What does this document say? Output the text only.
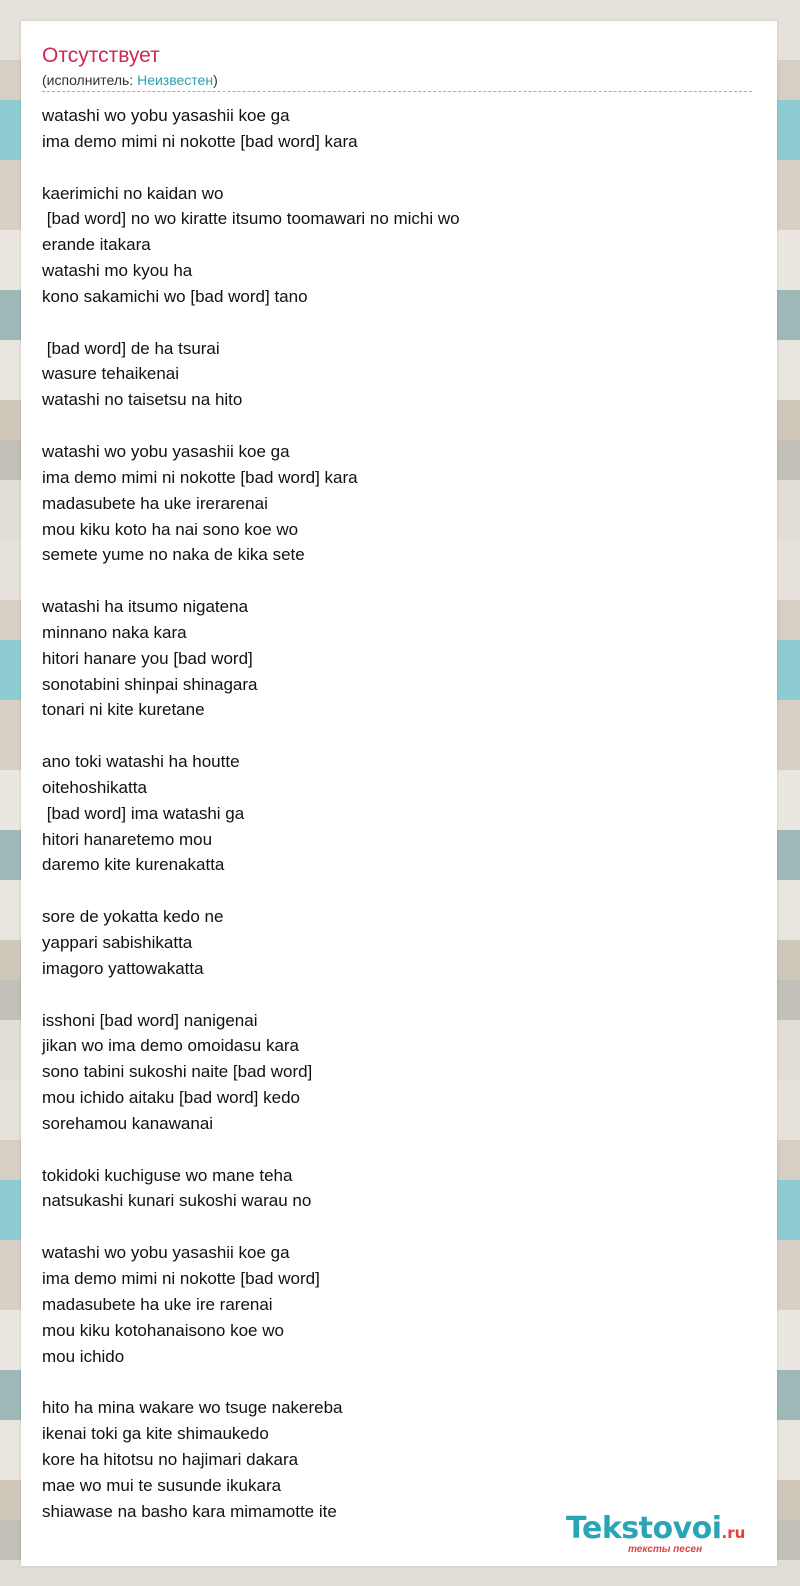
Отсутствует
(исполнитель: Неизвестен)
watashi wo yobu yasashii koe ga
ima demo mimi ni nokotte [bad word] kara

kaerimichi no kaidan wo
[bad word] no wo kiratte itsumo toomawari no michi wo
erande itakara
watashi mo kyou ha
kono sakamichi wo [bad word] tano

[bad word] de ha tsurai
wasure tehaikenai
watashi no taisetsu na hito

watashi wo yobu yasashii koe ga
ima demo mimi ni nokotte [bad word] kara
madasubete ha uke irerarenai
mou kiku koto ha nai sono koe wo
semete yume no naka de kika sete

watashi ha itsumo nigatena
minnano naka kara
hitori hanare you [bad word]
sonotabini shinpai shinagara
tonari ni kite kuretane

ano toki watashi ha houtte
oitehoshikatta
[bad word] ima watashi ga
hitori hanaretemo mou
daremo kite kurenakatta

sore de yokatta kedo ne
yappari sabishikatta
imagoro yattowakatta

isshoni [bad word] nanigenai
jikan wo ima demo omoidasu kara
sono tabini sukoshi naite [bad word]
mou ichido aitaku [bad word] kedo
sorehamou kanawanai

tokidoki kuchiguse wo mane teha
natsukashi kunari sukoshi warau no

watashi wo yobu yasashii koe ga
ima demo mimi ni nokotte [bad word]
madasubete ha uke ire rarenai
mou kiku kotohanaisono koe wo
mou ichido

hito ha mina wakare wo tsuge nakereba
ikenai toki ga kite shimaukedo
kore ha hitotsu no hajimari dakara
mae wo mui te susunde ikukara
shiawase na basho kara mimamotte ite	Tekstovoi.ru
тексты песен
